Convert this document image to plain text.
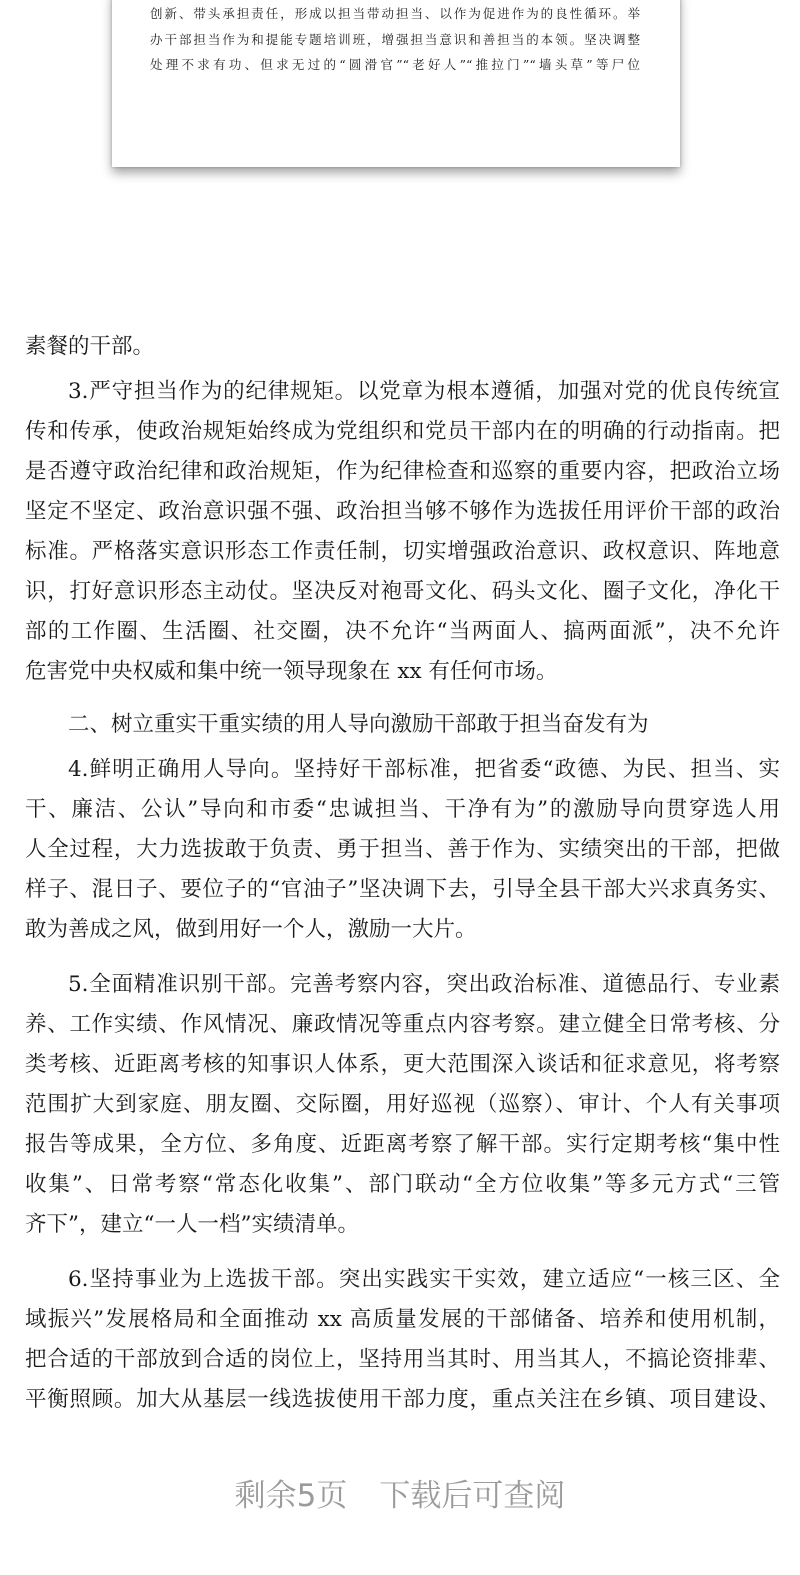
创新、带头承担责任，形成以担当带动担当、以作为促进作为的良性循环。举
办干部担当作为和提能专题培训班，增强担当意识和善担当的本领。坚决调整
处理不求有功、但求无过的“圆滑官”“老好人”“推拉门”“墙头草”等尸位
素餐的干部。
3.严守担当作为的纪律规矩。以党章为根本遵循，加强对党的优良传统宣
传和传承，使政治规矩始终成为党组织和党员干部内在的明确的行动指南。把
是否遵守政治纪律和政治规矩，作为纪律检查和巡察的重要内容，把政治立场
坚定不坚定、政治意识强不强、政治担当够不够作为选拔任用评价干部的政治
标准。严格落实意识形态工作责任制，切实增强政治意识、政权意识、阵地意
识，打好意识形态主动仗。坚决反对袍哥文化、码头文化、圈子文化，净化干
部的工作圈、生活圈、社交圈，决不允许“当两面人、搞两面派”，决不允许
危害党中央权威和集中统一领导现象在 xx 有任何市场。
二、树立重实干重实绩的用人导向激励干部敢于担当奋发有为
4.鲜明正确用人导向。坚持好干部标准，把省委“政德、为民、担当、实
干、廉洁、公认”导向和市委“忠诚担当、干净有为”的激励导向贯穿选人用
人全过程，大力选拔敢于负责、勇于担当、善于作为、实绩突出的干部，把做
样子、混日子、要位子的“官油子”坚决调下去，引导全县干部大兴求真务实、
敢为善成之风，做到用好一个人，激励一大片。
5.全面精准识别干部。完善考察内容，突出政治标准、道德品行、专业素
养、工作实绩、作风情况、廉政情况等重点内容考察。建立健全日常考核、分
类考核、近距离考核的知事识人体系，更大范围深入谈话和征求意见，将考察
范围扩大到家庭、朋友圈、交际圈，用好巡视（巡察）、审计、个人有关事项
报告等成果，全方位、多角度、近距离考察了解干部。实行定期考核“集中性
收集”、日常考察“常态化收集”、部门联动“全方位收集”等多元方式“三管
齐下”，建立“一人一档”实绩清单。
6.坚持事业为上选拔干部。突出实践实干实效，建立适应“一核三区、全
域振兴”发展格局和全面推动 xx 高质量发展的干部储备、培养和使用机制，
把合适的干部放到合适的岗位上，坚持用当其时、用当其人，不搞论资排辈、
平衡照顾。加大从基层一线选拔使用干部力度，重点关注在乡镇、项目建设、
剩余5页 下载后可查阅
